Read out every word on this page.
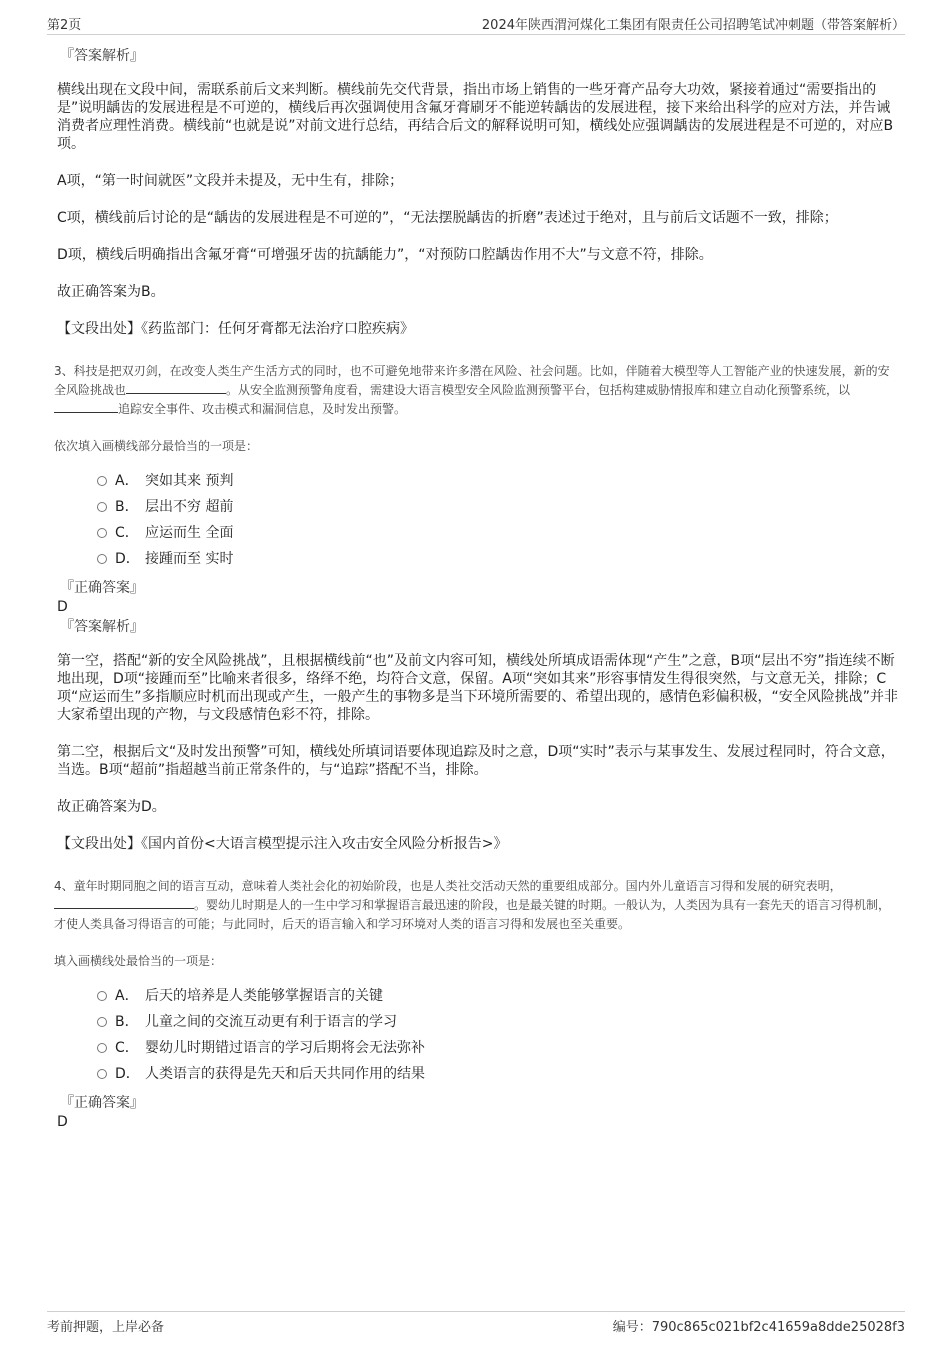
第2页	2024年陕西渭河煤化工集团有限责任公司招聘笔试冲刺题（带答案解析）
『答案解析』

横线出现在文段中间，需联系前后文来判断。横线前先交代背景，指出市场上销售的一些牙膏产品夸大功效，紧接着通过“需要指出的是”说明龋齿的发展进程是不可逆的，横线后再次强调使用含氟牙膏刷牙不能逆转龋齿的发展进程，接下来给出科学的应对方法，并告诫消费者应理性消费。横线前“也就是说”对前文进行总结，再结合后文的解释说明可知，横线处应强调龋齿的发展进程是不可逆的，对应B项。

A项，“第一时间就医”文段并未提及，无中生有，排除；

C项，横线前后讨论的是“龋齿的发展进程是不可逆的”，“无法摆脱龋齿的折磨”表述过于绝对，且与前后文话题不一致，排除；

D项，横线后明确指出含氟牙膏“可增强牙齿的抗龋能力”，“对预防口腔龋齿作用不大”与文意不符，排除。

故正确答案为B。

【文段出处】《药监部门：任何牙膏都无法治疗口腔疾病》

3、科技是把双刃剑，在改变人类生产生活方式的同时，也不可避免地带来许多潜在风险、社会问题。比如，伴随着大模型等人工智能产业的快速发展，新的安全风险挑战也	。从安全监测预警角度看，需建设大语言模型安全风险监测预警平台，包括构建威胁情报库和建立自动化预警系统，以追踪安全事件、攻击模式和漏洞信息，及时发出预警。
依次填入画横线部分最恰当的一项是：
A． 突如其来 预判
B． 层出不穷 超前
C． 应运而生 全面
D． 接踵而至 实时
『正确答案』
D
『答案解析』

第一空，搭配“新的安全风险挑战”，且根据横线前“也”及前文内容可知，横线处所填成语需体现“产生”之意，B项“层出不穷”指连续不断地出现，D项“接踵而至”比喻来者很多，络绎不绝，均符合文意，保留。A项“突如其来”形容事情发生得很突然，与文意无关，排除；C项“应运而生”多指顺应时机而出现或产生，一般产生的事物多是当下环境所需要的、希望出现的，感情色彩偏积极，“安全风险挑战”并非大家希望出现的产物，与文段感情色彩不符，排除。

第二空，根据后文“及时发出预警”可知，横线处所填词语要体现追踪及时之意，D项“实时”表示与某事发生、发展过程同时，符合文意，当选。B项“超前”指超越当前正常条件的，与“追踪”搭配不当，排除。

故正确答案为D。

【文段出处】《国内首份<大语言模型提示注入攻击安全风险分析报告>》

4、童年时期同胞之间的语言互动，意味着人类社会化的初始阶段，也是人类社交活动天然的重要组成部分。国内外儿童语言习得和发展的研究表明，。婴幼儿时期是人的一生中学习和掌握语言最迅速的阶段，也是最关键的时期。一般认为，人类因为具有一套先天的语言习得机制，才使人类具备习得语言的可能；与此同时，后天的语言输入和学习环境对人类的语言习得和发展也至关重要。
填入画横线处最恰当的一项是：
A． 后天的培养是人类能够掌握语言的关键
B． 儿童之间的交流互动更有利于语言的学习
C． 婴幼儿时期错过语言的学习后期将会无法弥补
D． 人类语言的获得是先天和后天共同作用的结果
『正确答案』
D
考前押题，上岸必备	编号：790c865c021bf2c41659a8dde25028f3
